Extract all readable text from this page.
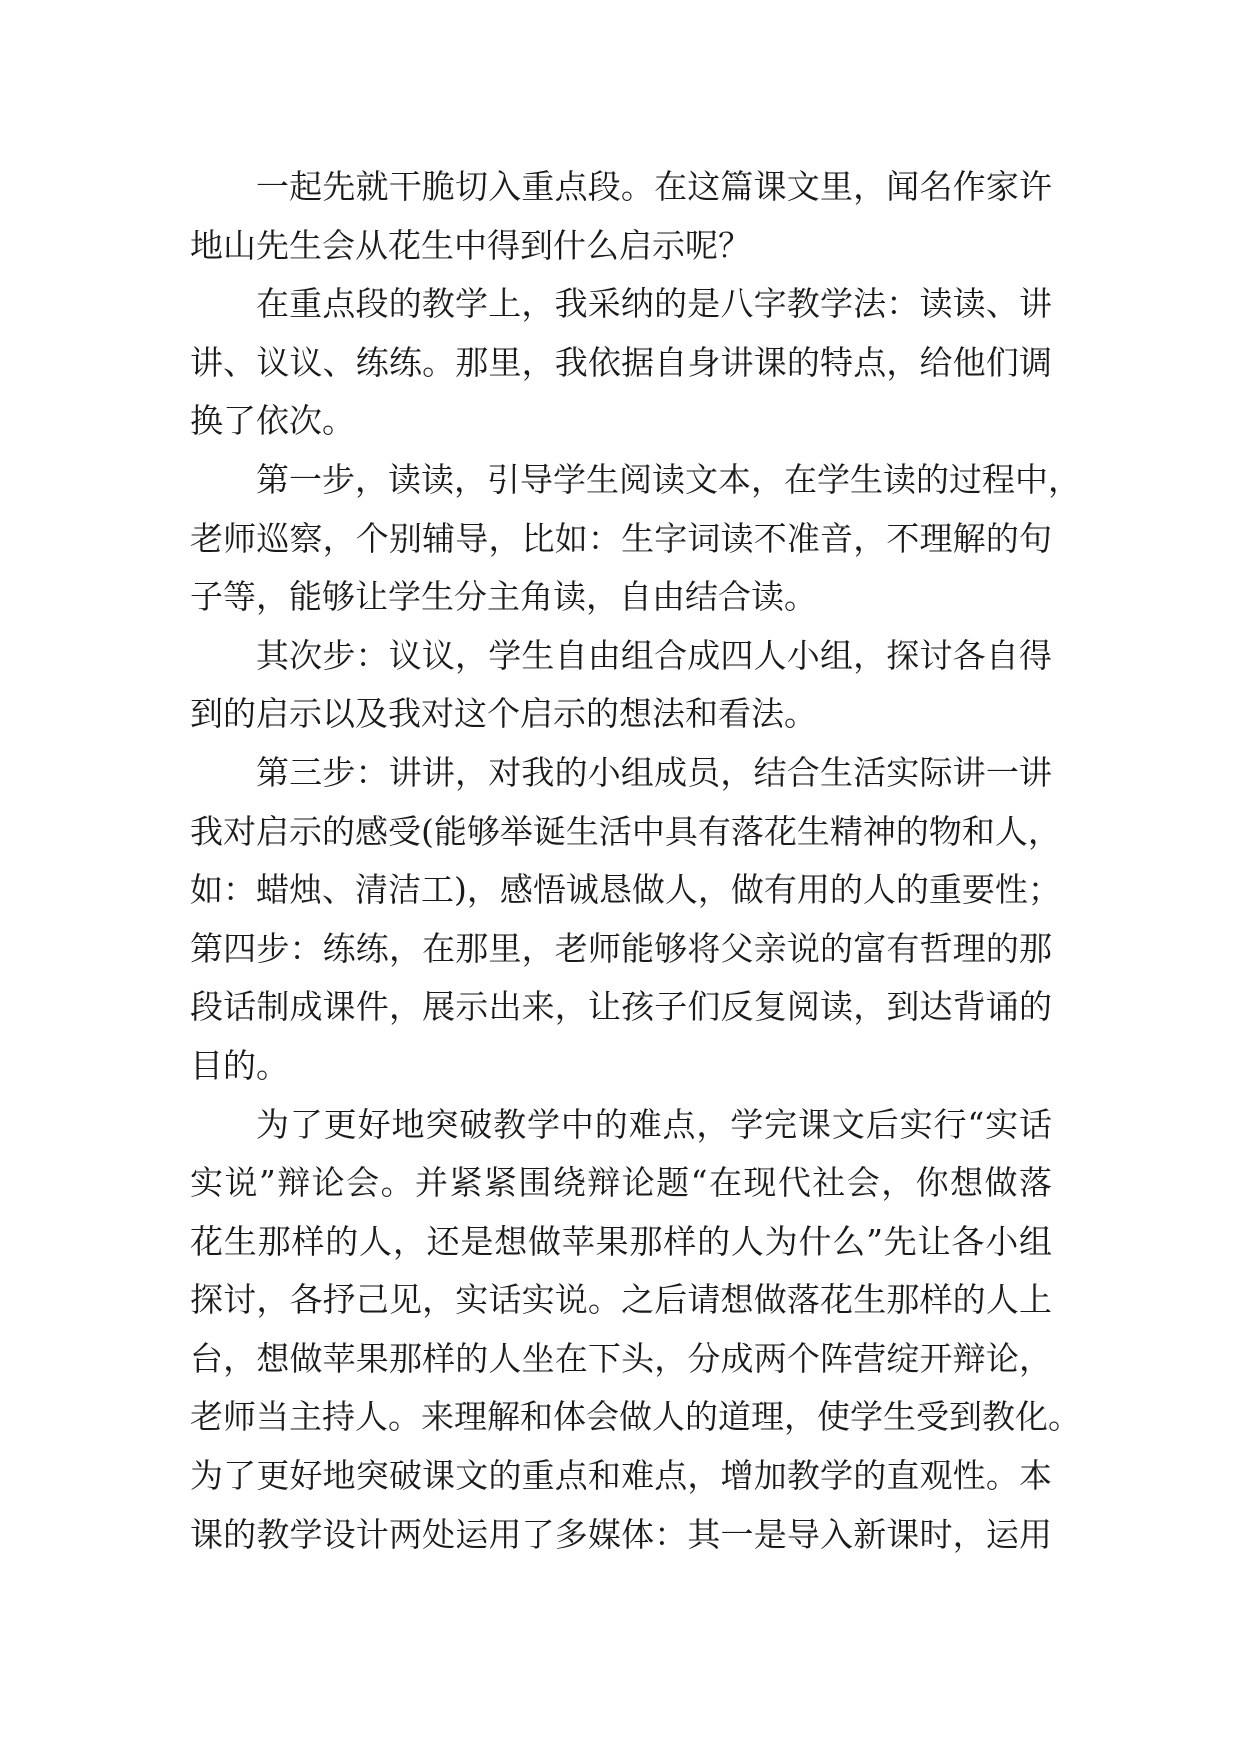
一起先就干脆切入重点段。在这篇课文里，闻名作家许
地山先生会从花生中得到什么启示呢？
在重点段的教学上，我采纳的是八字教学法：读读、讲
讲、议议、练练。那里，我依据自身讲课的特点，给他们调
换了依次。
第一步，读读，引导学生阅读文本，在学生读的过程中，
老师巡察，个别辅导，比如：生字词读不准音，不理解的句
子等，能够让学生分主角读，自由结合读。
其次步：议议，学生自由组合成四人小组，探讨各自得
到的启示以及我对这个启示的想法和看法。
第三步：讲讲，对我的小组成员，结合生活实际讲一讲
我对启示的感受(能够举诞生活中具有落花生精神的物和人，
如：蜡烛、清洁工)，感悟诚恳做人，做有用的人的重要性；
第四步：练练，在那里，老师能够将父亲说的富有哲理的那
段话制成课件，展示出来，让孩子们反复阅读，到达背诵的
目的。
为了更好地突破教学中的难点，学完课文后实行“实话
实说”辩论会。并紧紧围绕辩论题“在现代社会，你想做落
花生那样的人，还是想做苹果那样的人为什么”先让各小组
探讨，各抒己见，实话实说。之后请想做落花生那样的人上
台，想做苹果那样的人坐在下头，分成两个阵营绽开辩论，
老师当主持人。来理解和体会做人的道理，使学生受到教化。
为了更好地突破课文的重点和难点，增加教学的直观性。本
课的教学设计两处运用了多媒体：其一是导入新课时，运用
